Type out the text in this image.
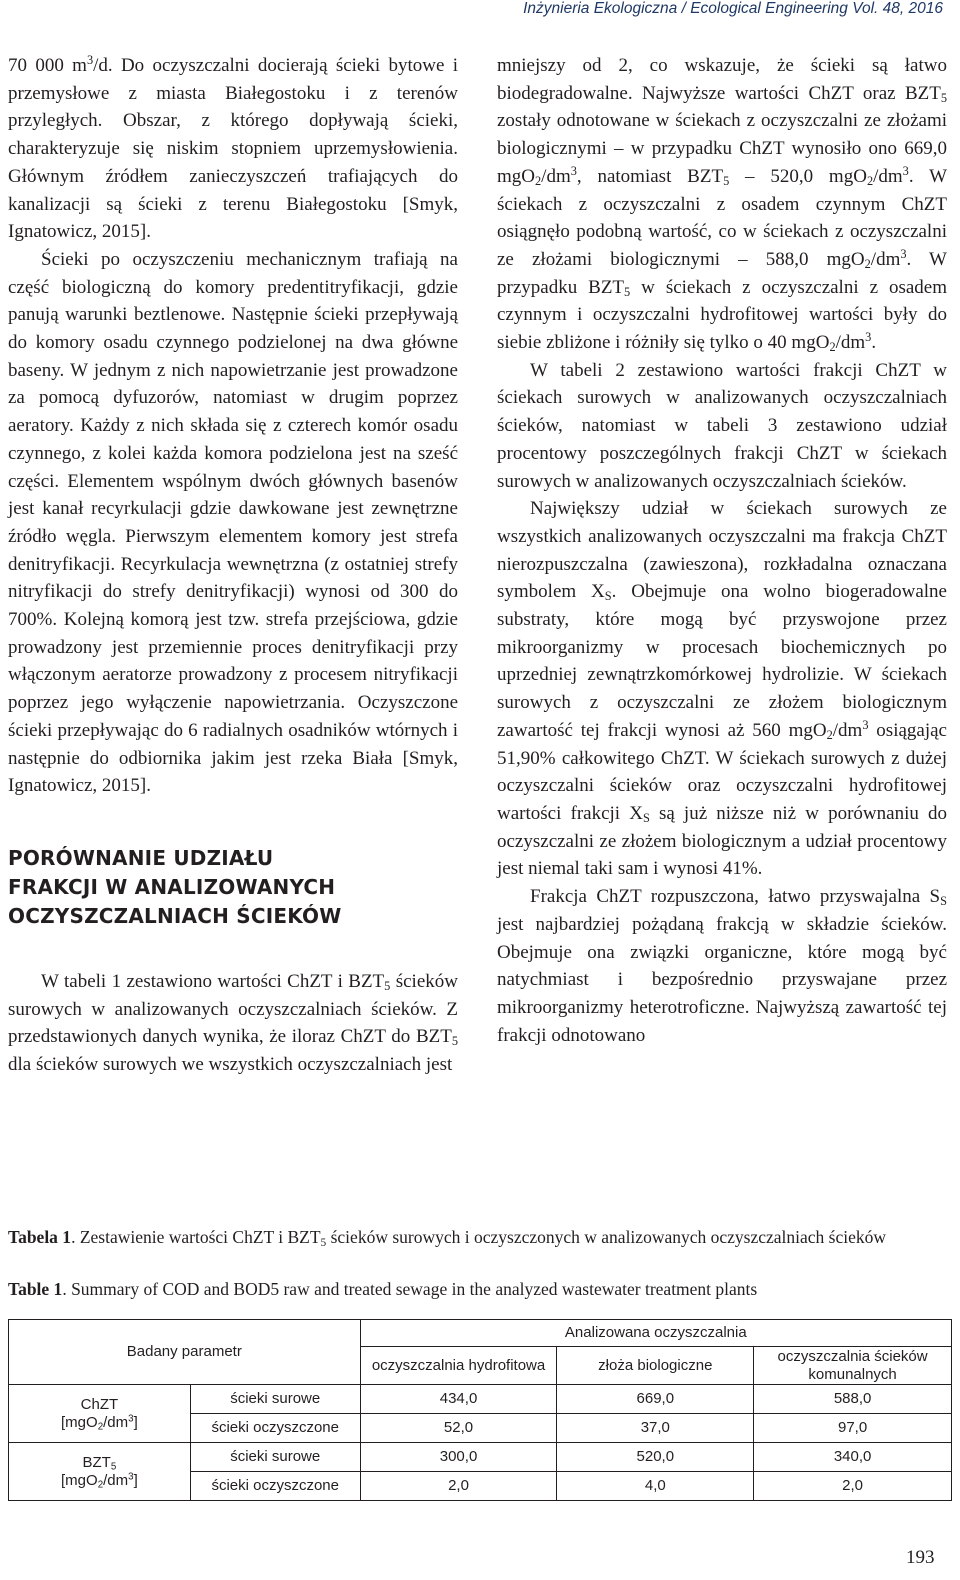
Inżynieria Ekologiczna / Ecological Engineering Vol. 48, 2016

70 000 $m^3/d$. Do oczyszczalni docierają ścieki bytowe i przemysłowe z miasta Białegostoku i z terenów przyległych. Obszar, z którego dopływają ścieki, charakteryzuje się niskim stopniem uprzemysłowienia. Głównym źródłem zanieczyszczeń trafiających do kanalizacji są ścieki z terenu Białegostoku [Smyk, Ignatowicz, 2015].

Ścieki po oczyszczeniu mechanicznym trafiają na część biologiczną do komory predentitryfikacji, gdzie panują warunki beztlenowe. Następnie ścieki przepływają do komory osadu czynnego podzielonej na dwa główne baseny. W jednym z nich napowietrzanie jest prowadzone za pomocą dyfuzorów, natomiast w drugim poprzez aeratory. Każdy z nich składa się z czterech komór osadu czynnego, z kolei każda komora podzielona jest na sześć części. Elementem wspólnym dwóch głównych basenów jest kanał recyrkulacji gdzie dawkowane jest zewnętrzne źródło węgla. Pierwszym elementem komory jest strefa denitryfikacji. Recyrkulacja wewnętrzna (z ostatniej strefy nitryfikacji do strefy denitryfikacji) wynosi od 300 do 700%. Kolejną komorą jest tzw. strefa przejściowa, gdzie prowadzony jest przemiennie proces denitryfikacji przy włączonym aeratorze prowadzony z procesem nitryfikacji poprzez jego wyłączenie napowietrzania. Oczyszczone ścieki przepływając do 6 radialnych osadników wtórnych i następnie do odbiornika jakim jest rzeka Biała [Smyk, Ignatowicz, 2015].

PORÓWNANIE UDZIAŁU
FRAKCJI W ANALIZOWANYCH
OCZYSZCZALNIACH ŚCIEKÓW

W tabeli 1 zestawiono wartości ChZT i $BZT_5$ ścieków surowych w analizowanych oczyszczalniach ścieków. Z przedstawionych danych wynika, że iloraz ChZT do $BZT_5$ dla ścieków surowych we wszystkich oczyszczalniach jest

mniejszy od 2, co wskazuje, że ścieki są łatwo biodegradowalne. Najwyższe wartości ChZT oraz $BZT_5$ zostały odnotowane w ściekach z oczyszczalni ze złożami biologicznymi – w przypadku ChZT wynosiło ono 669,0 $mgO_2/dm^3$, natomiast $BZT_5 - 520,0$ $mgO_2/dm^3$. W ściekach z oczyszczalni z osadem czynnym ChZT osiągnęło podobną wartość, co w ściekach z oczyszczalni ze złożami biologicznymi – 588,0 $mgO_2/dm^3$. W przypadku $BZT_5$ w ściekach z oczyszczalni z osadem czynnym i oczyszczalni hydrofitowej wartości były do siebie zbliżone i różniły się tylko o 40 $mgO_2/dm^3$.

W tabeli 2 zestawiono wartości frakcji ChZT w ściekach surowych w analizowanych oczyszczalniach ścieków, natomiast w tabeli 3 zestawiono udział procentowy poszczególnych frakcji ChZT w ściekach surowych w analizowanych oczyszczalniach ścieków.

Największy udział w ściekach surowych ze wszystkich analizowanych oczyszczalni ma frakcja ChZT nierozpuszczalna (zawieszona), rozkładalna oznaczana symbolem $X_S$. Obejmuje ona wolno biogeradowalne substraty, które mogą być przyswojone przez mikroorganizmy w procesach biochemicznych po uprzedniej zewnątrzkomórkowej hydrolizie. W ściekach surowych z oczyszczalni ze złożem biologicznym zawartość tej frakcji wynosi aż 560 $mgO_2/dm^3$ osiągając 51,90% całkowitego ChZT. W ściekach surowych z dużej oczyszczalni ścieków oraz oczyszczalni hydrofitowej wartości frakcji $X_S$ są już niższe niż w porównaniu do oczyszczalni ze złożem biologicznym a udział procentowy jest niemal taki sam i wynosi 41%.

Frakcja ChZT rozpuszczona, łatwo przyswajalna $S_S$ jest najbardziej pożądaną frakcją w składzie ścieków. Obejmuje ona związki organiczne, które mogą być natychmiast i bezpośrednio przyswajane przez mikroorganizmy heterotroficzne. Najwyższą zawartość tej frakcji odnotowano

Tabela 1. Zestawienie wartości ChZT i $BZT_5$ ścieków surowych i oczyszczonych w analizowanych oczyszczalniach ścieków
Table 1. Summary of COD and BOD5 raw and treated sewage in the analyzed wastewater treatment plants
Badany parametr		Analizowana oczyszczalnia		
		oczyszczalnia hydrofitowa	złoża biologiczne	oczyszczalnia ścieków komunalnych
ChZT
$[mgO_2/dm^3]$	ścieki surowe	434,0	669,0	588,0
	ścieki oczyszczone	52,0	37,0	97,0
$BZT_5$
$[mgO_2/dm^3]$	ścieki surowe	300,0	520,0	340,0
	ścieki oczyszczone	2,0	4,0	2,0
193
